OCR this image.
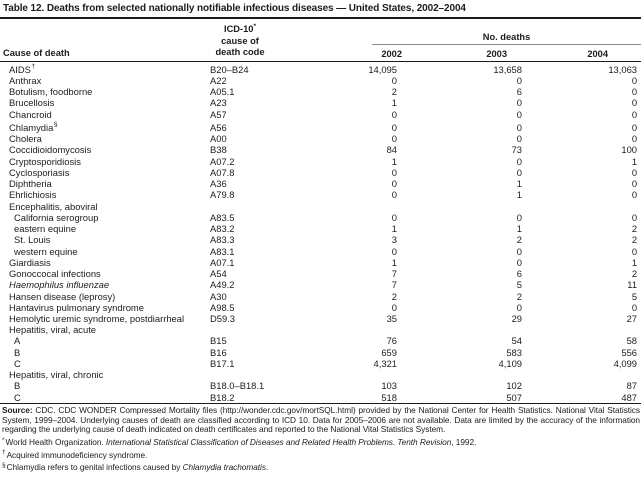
Table 12. Deaths from selected nationally notifiable infectious diseases — United States, 2002–2004
Cause of death	ICD-10*
cause of
death code	
No. deaths
2002	2003	2004

AIDS†	B20–B24	14,095	13,658	13,063
Anthrax	A22	0	0	0
Botulism, foodborne	A05.1	2	6	0
Brucellosis	A23	1	0	0
Chancroid	A57	0	0	0
Chlamydia§	A56	0	0	0
Cholera	A00	0	0	0
Coccidioidomycosis	B38	84	73	100
Cryptosporidiosis	A07.2	1	0	1
Cyclosporiasis	A07.8	0	0	0
Diphtheria	A36	0	1	0
Ehrlichiosis	A79.8	0	1	0
Encephalitis, aboviral				
California serogroup	A83.5	0	0	0
eastern equine	A83.2	1	1	2
St. Louis	A83.3	3	2	2
western equine	A83.1	0	0	0
Giardiasis	A07.1	1	0	1
Gonoccocal infections	A54	7	6	2
Haemophilus influenzae	A49.2	7	5	11
Hansen disease (leprosy)	A30	2	2	5
Hantavirus pulmonary syndrome	A98.5	0	0	0
Hemolytic uremic syndrome, postdiarrheal	D59.3	35	29	27
Hepatitis, viral, acute				
A	B15	76	54	58
B	B16	659	583	556
C	B17.1	4,321	4,109	4,099
Hepatitis, viral, chronic				
B	B18.0–B18.1	103	102	87
C	B18.2	518	507	487
Source: CDC. CDC WONDER Compressed Mortality files (http://wonder.cdc.gov/mortSQL.html) provided by the National Center for Health Statistics. National Vital Statistics System, 1999–2004. Underlying causes of death are classified according to ICD 10. Data for 2005–2006 are not available. Data are limited by the accuracy of the information regarding the underlying cause of death indicated on death certificates and reported to the National Vital Statistics System.
*World Health Organization. International Statistical Classification of Diseases and Related Health Problems. Tenth Revision, 1992.
†Acquired immunodeficiency syndrome.
§Chlamydia refers to genital infections caused by Chlamydia trachomatis.
